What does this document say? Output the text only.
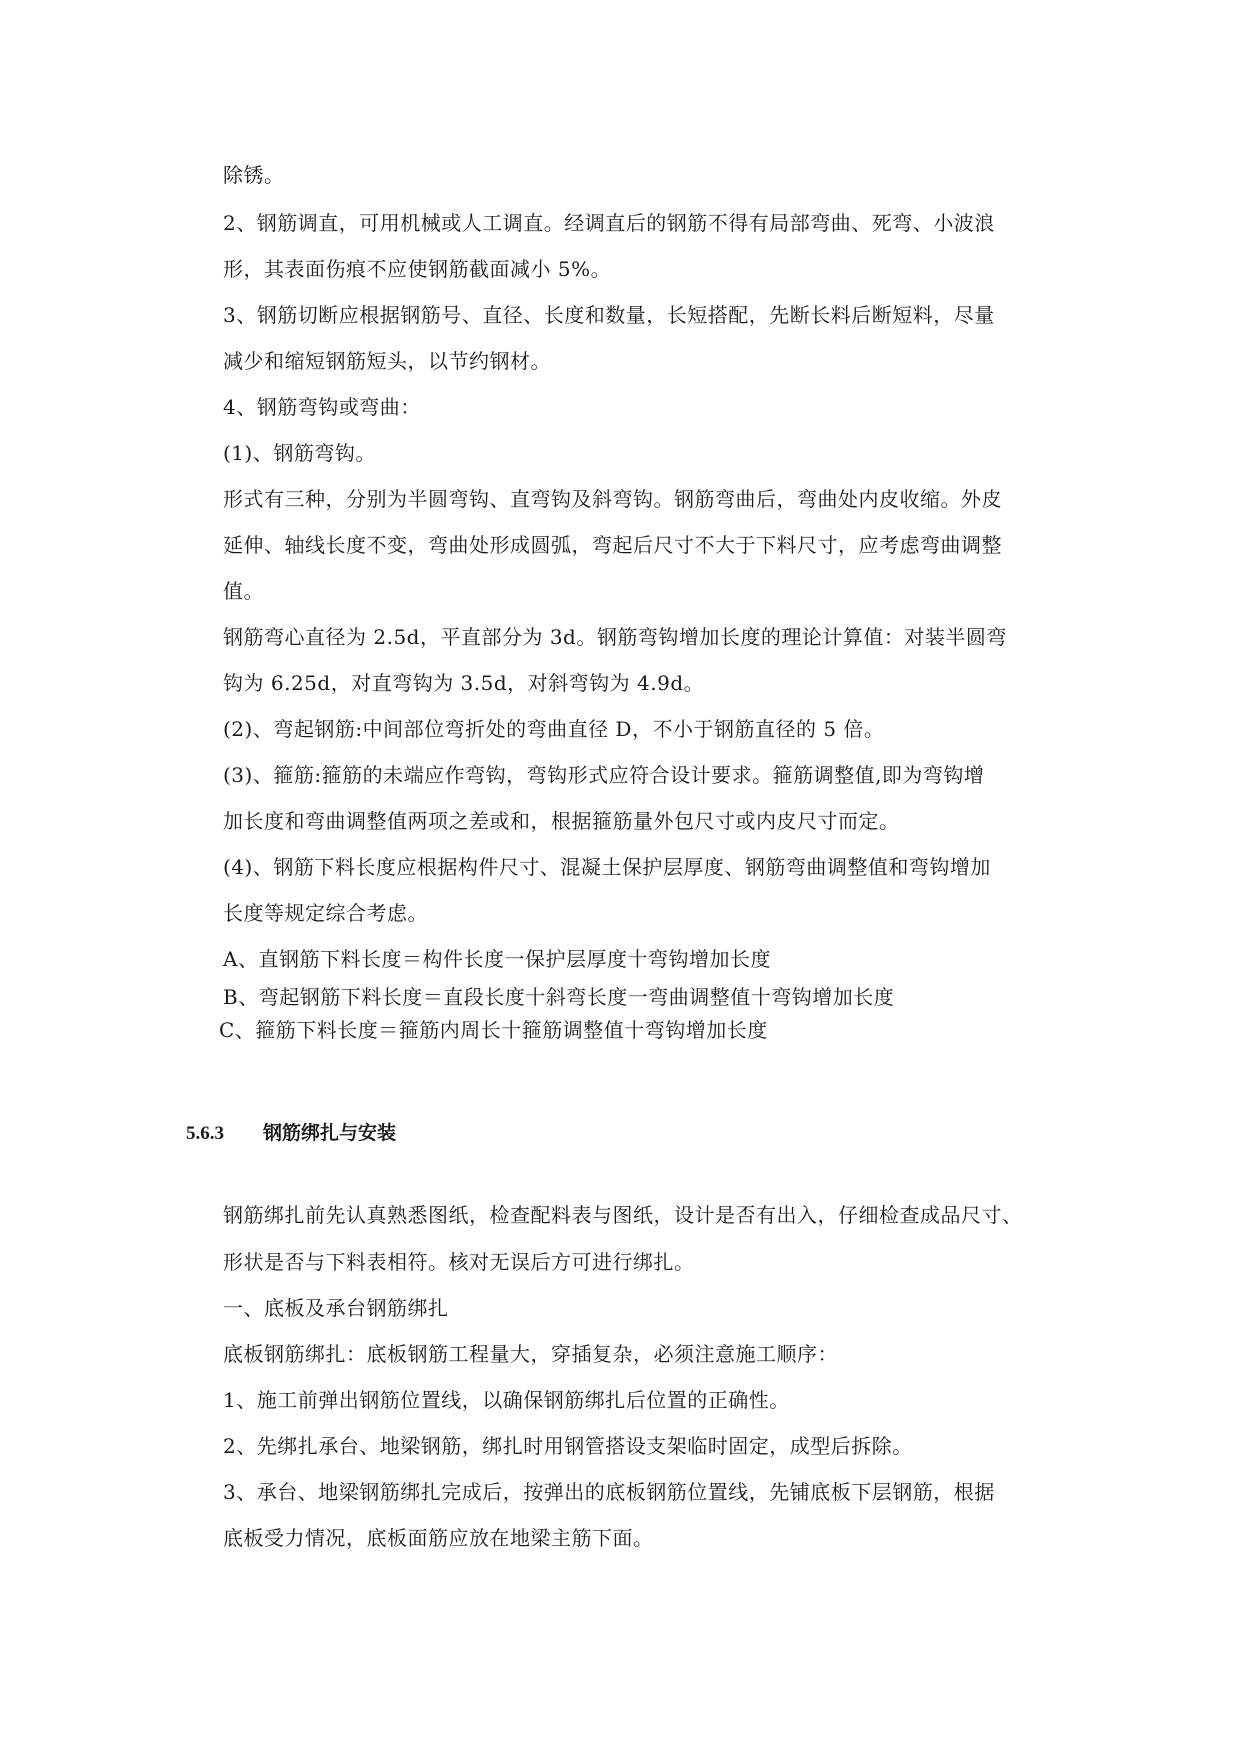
除锈。
2、钢筋调直，可用机械或人工调直。经调直后的钢筋不得有局部弯曲、死弯、小波浪
形，其表面伤痕不应使钢筋截面减小 5%。
3、钢筋切断应根据钢筋号、直径、长度和数量，长短搭配，先断长料后断短料，尽量
减少和缩短钢筋短头，以节约钢材。
4、钢筋弯钩或弯曲：
(1)、钢筋弯钩。
形式有三种，分别为半圆弯钩、直弯钩及斜弯钩。钢筋弯曲后，弯曲处内皮收缩。外皮
延伸、轴线长度不变，弯曲处形成圆弧，弯起后尺寸不大于下料尺寸，应考虑弯曲调整
值。
钢筋弯心直径为 2.5d，平直部分为 3d。钢筋弯钩增加长度的理论计算值：对装半圆弯
钩为 6.25d，对直弯钩为 3.5d，对斜弯钩为 4.9d。
(2)、弯起钢筋:中间部位弯折处的弯曲直径 D，不小于钢筋直径的 5 倍。
(3)、箍筋:箍筋的未端应作弯钩，弯钩形式应符合设计要求。箍筋调整值,即为弯钩增
加长度和弯曲调整值两项之差或和，根据箍筋量外包尺寸或内皮尺寸而定。
(4)、钢筋下料长度应根据构件尺寸、混凝土保护层厚度、钢筋弯曲调整值和弯钩增加
长度等规定综合考虑。
A、直钢筋下料长度＝构件长度一保护层厚度十弯钩增加长度
B、弯起钢筋下料长度＝直段长度十斜弯长度一弯曲调整值十弯钩增加长度
C、箍筋下料长度＝箍筋内周长十箍筋调整值十弯钩增加长度
5.6.3 钢筋绑扎与安装
钢筋绑扎前先认真熟悉图纸，检查配料表与图纸，设计是否有出入，仔细检查成品尺寸、
形状是否与下料表相符。核对无误后方可进行绑扎。
一、底板及承台钢筋绑扎
底板钢筋绑扎：底板钢筋工程量大，穿插复杂，必须注意施工顺序：
1、施工前弹出钢筋位置线，以确保钢筋绑扎后位置的正确性。
2、先绑扎承台、地梁钢筋，绑扎时用钢管搭设支架临时固定，成型后拆除。
3、承台、地梁钢筋绑扎完成后，按弹出的底板钢筋位置线，先铺底板下层钢筋，根据
底板受力情况，底板面筋应放在地梁主筋下面。
